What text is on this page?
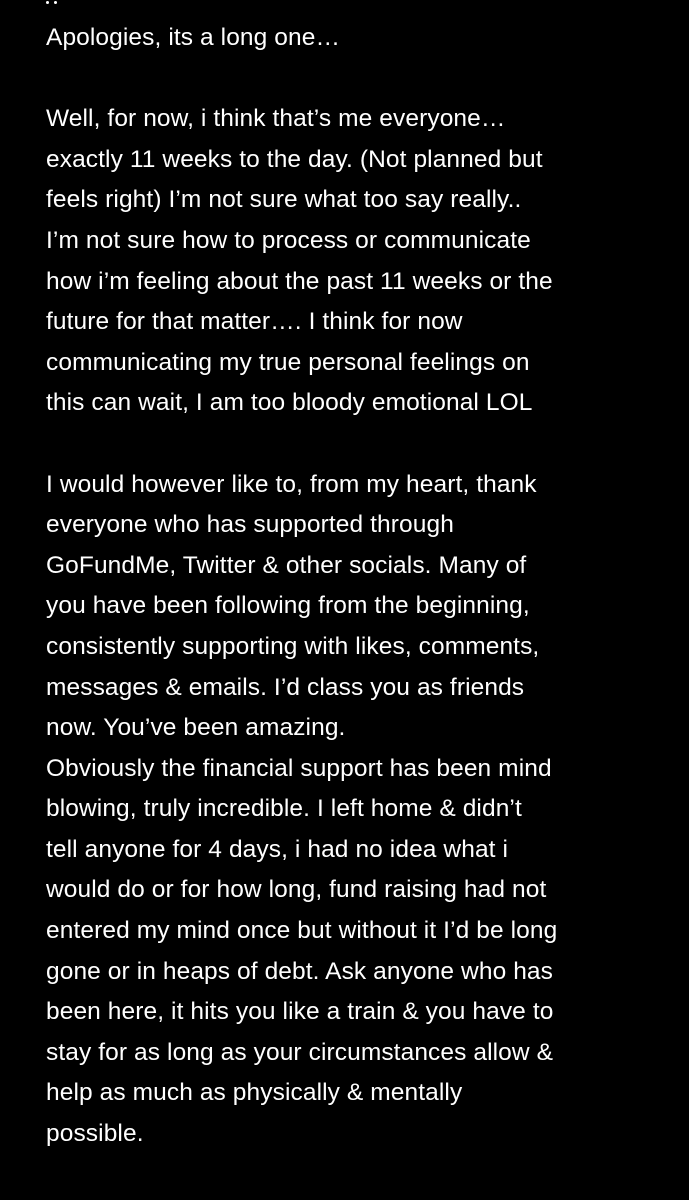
Apologies, its a long one…
Well, for now, i think that’s me everyone…
exactly 11 weeks to the day. (Not planned but
feels right) I’m not sure what too say really..
I’m not sure how to process or communicate
how i’m feeling about the past 11 weeks or the
future for that matter…. I think for now
communicating my true personal feelings on
this can wait, I am too bloody emotional LOL
I would however like to, from my heart, thank
everyone who has supported through
GoFundMe, Twitter & other socials. Many of
you have been following from the beginning,
consistently supporting with likes, comments,
messages & emails. I’d class you as friends
now. You’ve been amazing.
Obviously the financial support has been mind
blowing, truly incredible. I left home & didn’t
tell anyone for 4 days, i had no idea what i
would do or for how long, fund raising had not
entered my mind once but without it I’d be long
gone or in heaps of debt. Ask anyone who has
been here, it hits you like a train & you have to
stay for as long as your circumstances allow &
help as much as physically & mentally
possible.
